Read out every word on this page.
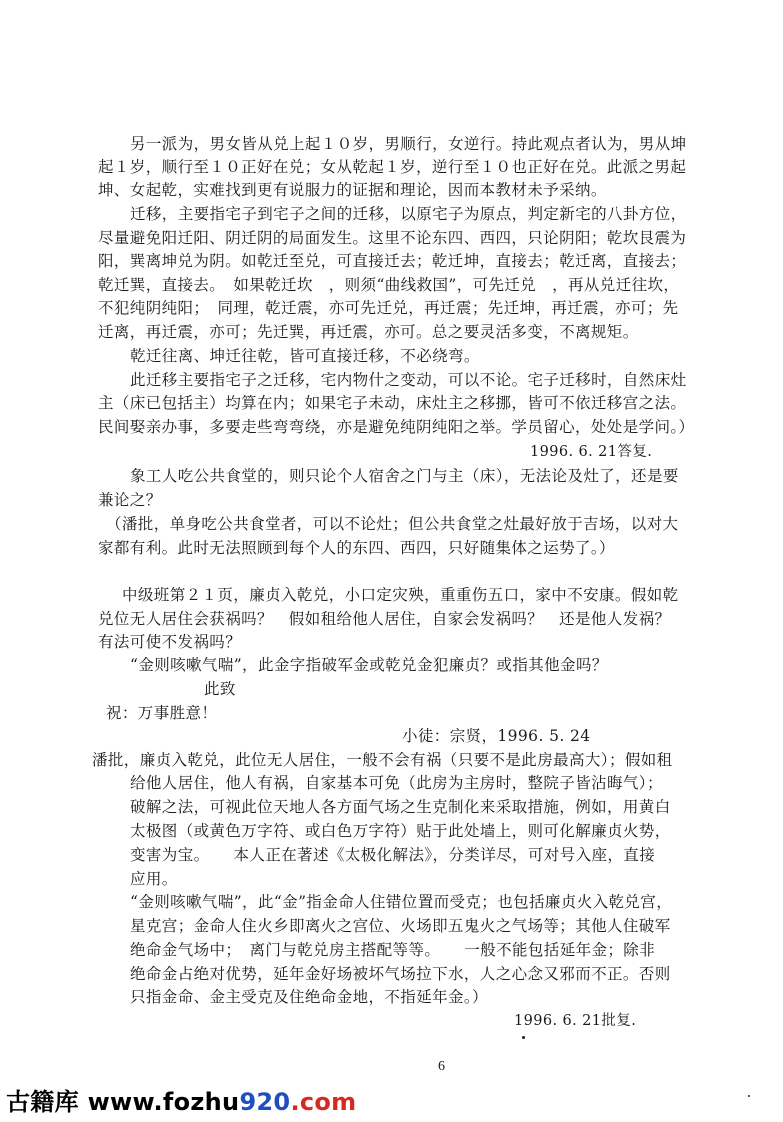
另一派为，男女皆从兑上起１０岁，男顺行，女逆行。持此观点者认为，男从坤
起１岁，顺行至１０正好在兑；女从乾起１岁，逆行至１０也正好在兑。此派之男起
坤、女起乾，实难找到更有说服力的证据和理论，因而本教材未予采纳。
迁移，主要指宅子到宅子之间的迁移，以原宅子为原点，判定新宅的八卦方位，
尽量避免阳迁阳、阴迁阴的局面发生。这里不论东四、西四，只论阴阳；乾坎艮震为
阳，巽离坤兑为阴。如乾迁至兑，可直接迁去；乾迁坤，直接去；乾迁离，直接去；
乾迁巽，直接去。　如果乾迁坎　，则须“曲线救国”，可先迁兑　，再从兑迁往坎，
不犯纯阴纯阳；　同理，乾迁震，亦可先迁兑，再迁震；先迁坤，再迁震，亦可；先
迁离，再迁震，亦可；先迁巽，再迁震，亦可。总之要灵活多变，不离规矩。
乾迁往离、坤迁往乾，皆可直接迁移，不必绕弯。
此迁移主要指宅子之迁移，宅内物什之变动，可以不论。宅子迁移时，自然床灶
主（床已包括主）均算在内；如果宅子未动，床灶主之移挪，皆可不依迁移宫之法。
民间娶亲办事，多要走些弯弯绕，亦是避免纯阴纯阳之举。学员留心，处处是学问。）
1996. 6. 21答复.
象工人吃公共食堂的，则只论个人宿舍之门与主（床），无法论及灶了，还是要
兼论之？
（潘批，单身吃公共食堂者，可以不论灶；但公共食堂之灶最好放于吉场，以对大
家都有利。此时无法照顾到每个人的东四、西四，只好随集体之运势了。）
中级班第２１页，廉贞入乾兑，小口定灾殃，重重伤五口，家中不安康。假如乾
兑位无人居住会获祸吗？　假如租给他人居住，自家会发祸吗？　还是他人发祸？
有法可使不发祸吗？
“金则咳嗽气喘”，此金字指破军金或乾兑金犯廉贞？或指其他金吗？
此致
祝：万事胜意！
小徒：宗贤，1996. 5. 24
潘批，廉贞入乾兑，此位无人居住，一般不会有祸（只要不是此房最高大）；假如租
给他人居住，他人有祸，自家基本可免（此房为主房时，整院子皆沾晦气）；
破解之法，可视此位天地人各方面气场之生克制化来采取措施，例如，用黄白
太极图（或黄色万字符、或白色万字符）贴于此处墙上，则可化解廉贞火势，
变害为宝。　　本人正在著述《太极化解法》，分类详尽，可对号入座，直接
应用。
“金则咳嗽气喘”，此“金”指金命人住错位置而受克；也包括廉贞火入乾兑宫，
星克宫；金命人住火乡即离火之宫位、火场即五鬼火之气场等；其他人住破军
绝命金气场中；　离门与乾兑房主搭配等等。　　一般不能包括延年金；除非
绝命金占绝对优势，延年金好场被坏气场拉下水，人之心念又邪而不正。否则
只指金命、金主受克及住绝命金地，不指延年金。）
1996. 6. 21批复.
6
古籍库 www.fozhu920.com
